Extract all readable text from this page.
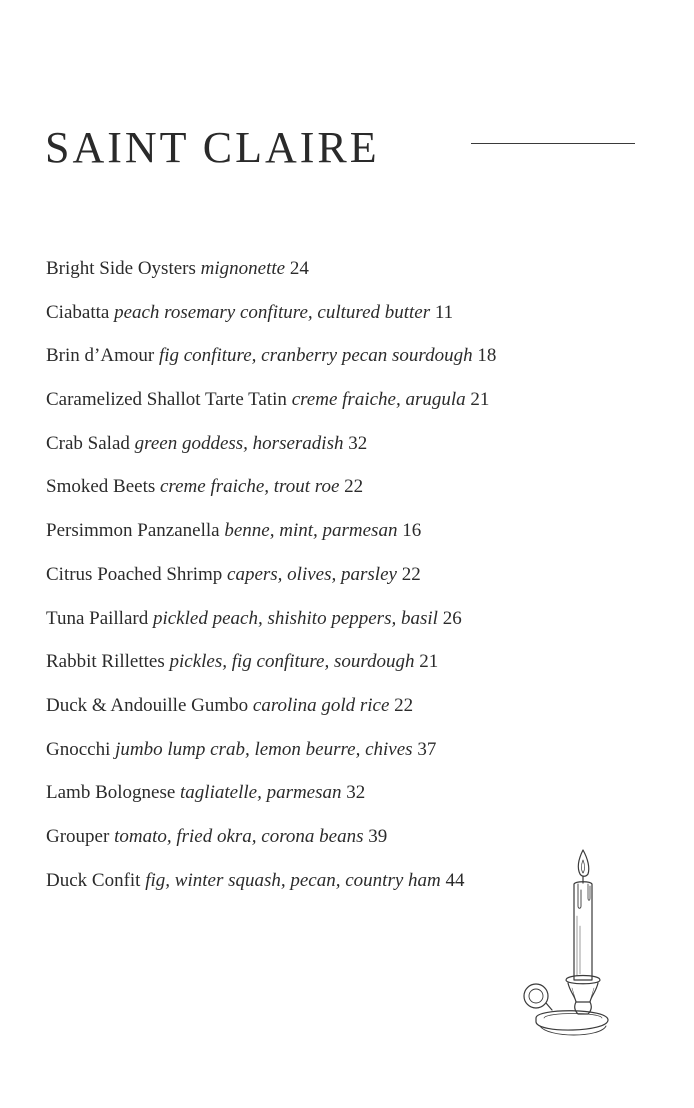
SAINT CLAIRE
Bright Side Oysters mignonette 24
Ciabatta peach rosemary confiture, cultured butter 11
Brin d’Amour fig confiture, cranberry pecan sourdough 18
Caramelized Shallot Tarte Tatin creme fraiche, arugula 21
Crab Salad green goddess, horseradish 32
Smoked Beets creme fraiche, trout roe 22
Persimmon Panzanella benne, mint, parmesan 16
Citrus Poached Shrimp capers, olives, parsley 22
Tuna Paillard pickled peach, shishito peppers, basil 26
Rabbit Rillettes pickles, fig confiture, sourdough 21
Duck & Andouille Gumbo carolina gold rice 22
Gnocchi jumbo lump crab, lemon beurre, chives 37
Lamb Bolognese tagliatelle, parmesan 32
Grouper tomato, fried okra, corona beans 39
Duck Confit fig, winter squash, pecan, country ham 44
